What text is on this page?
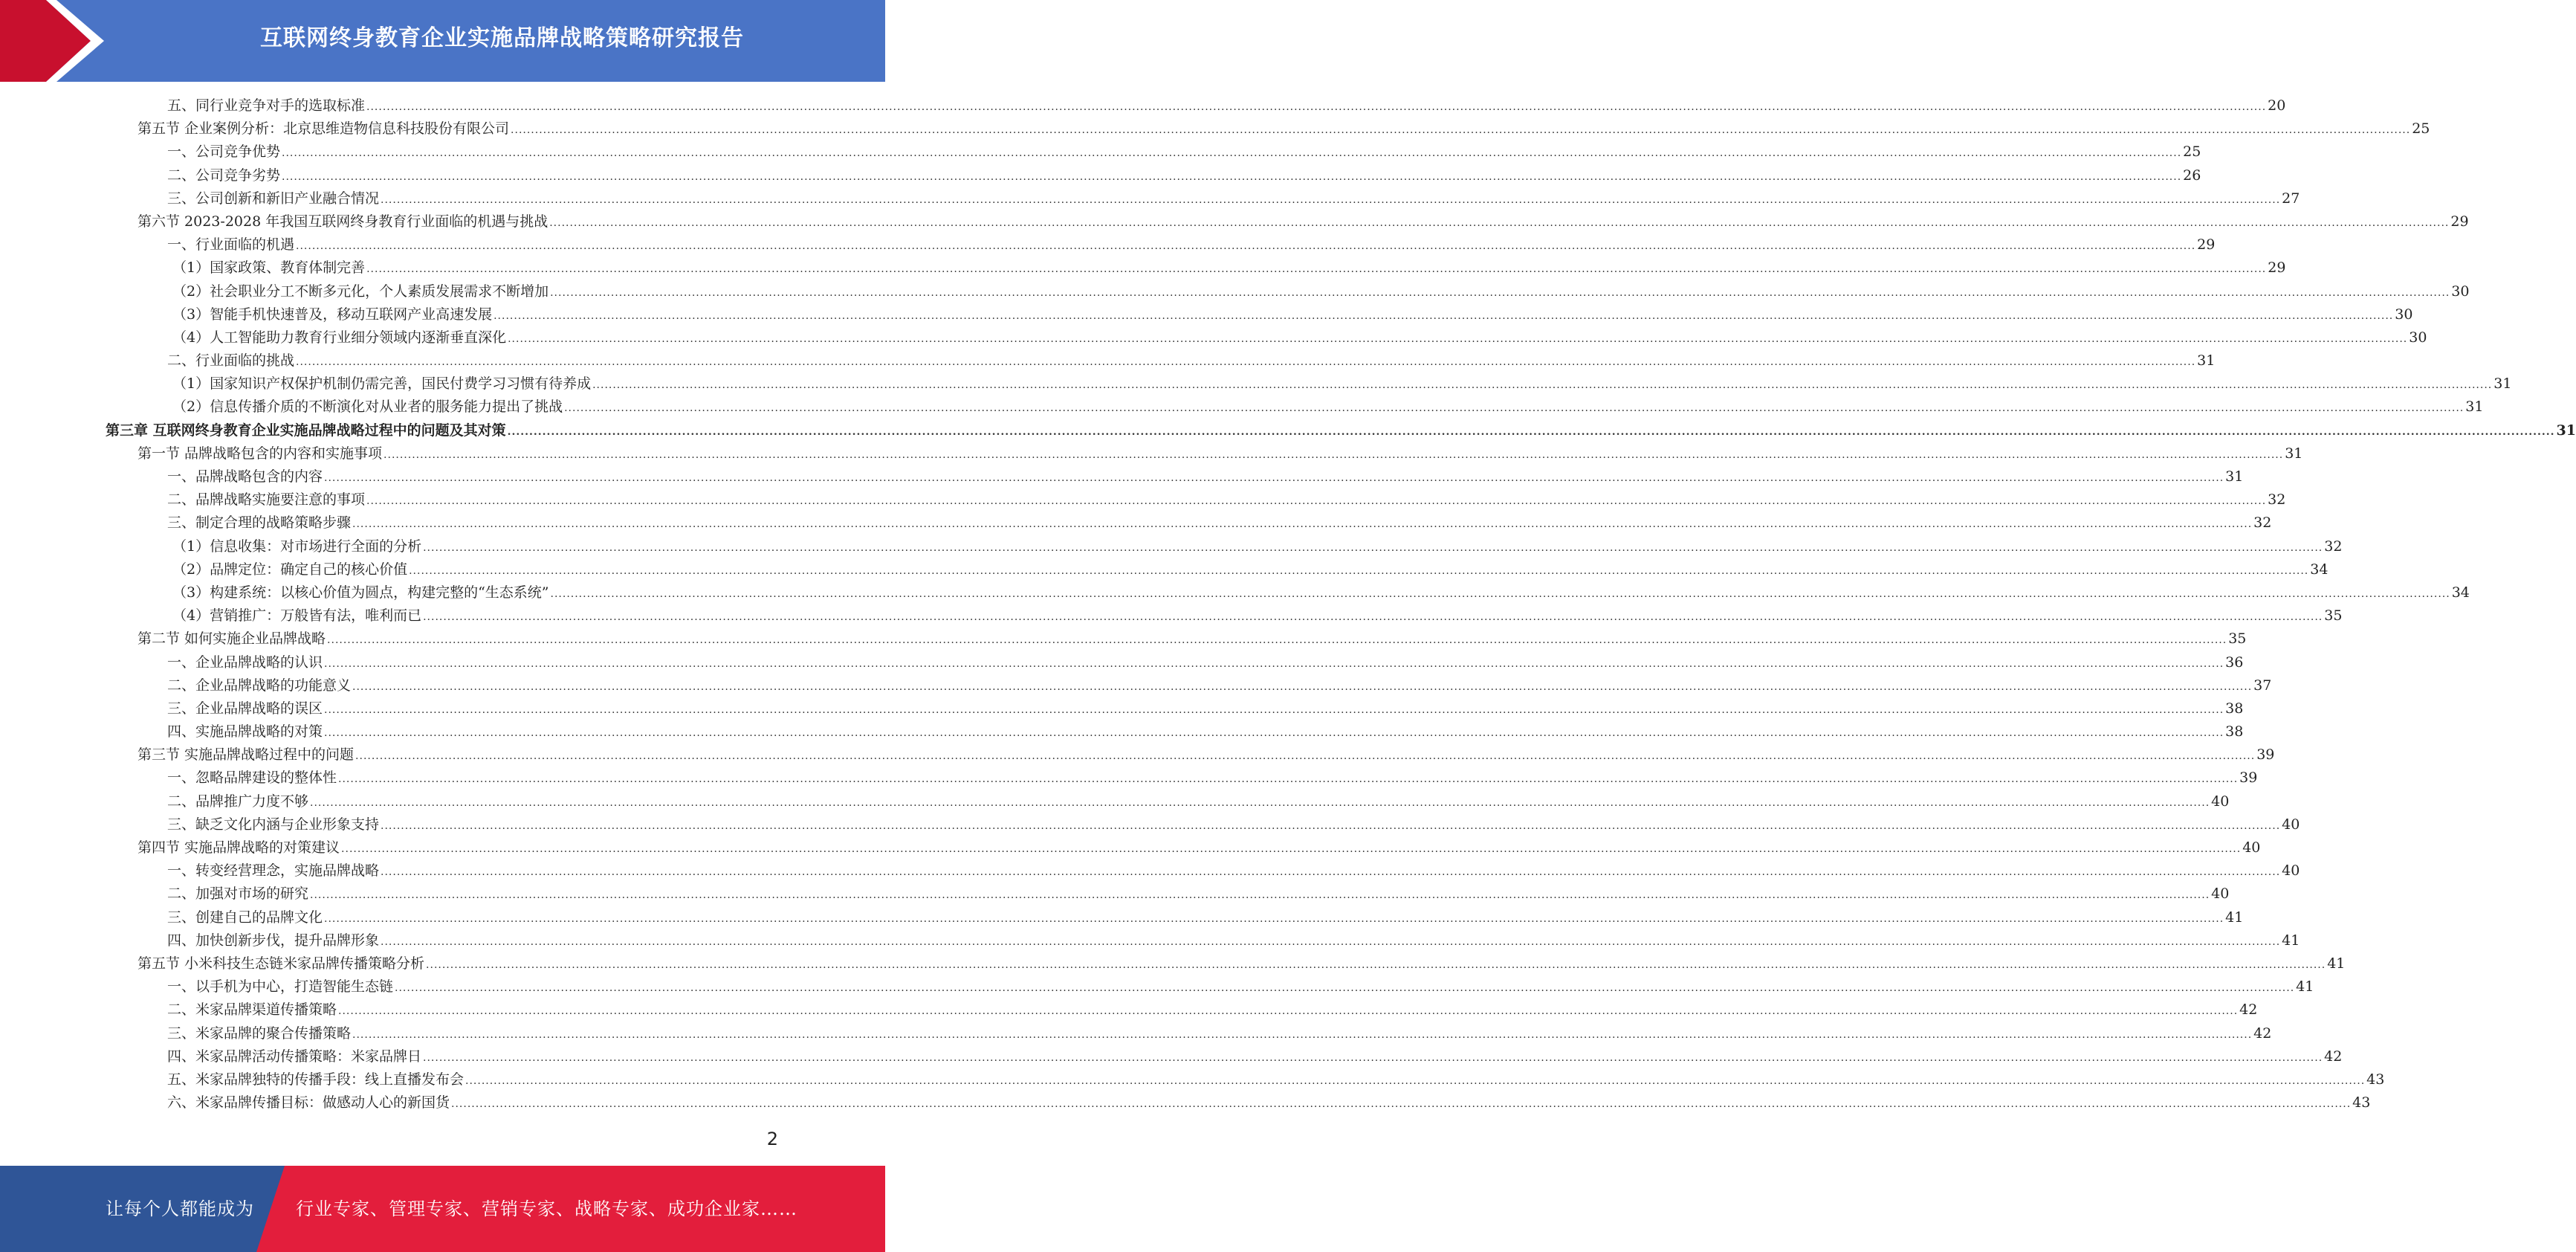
互联网终身教育企业实施品牌战略策略研究报告
五、同行业竞争对手的选取标准 .....	20
第五节 企业案例分析：北京思维造物信息科技股份有限公司 .....	25
一、公司竞争优势 .....	25
二、公司竞争劣势 .....	26
三、公司创新和新旧产业融合情况 .....	27
第六节 2023-2028 年我国互联网终身教育行业面临的机遇与挑战 .....	29
一、行业面临的机遇 .....	29
（1）国家政策、教育体制完善 .....	29
（2）社会职业分工不断多元化，个人素质发展需求不断增加 .....	30
（3）智能手机快速普及，移动互联网产业高速发展 .....	30
（4）人工智能助力教育行业细分领域内逐渐垂直深化 .....	30
二、行业面临的挑战 .....	31
（1）国家知识产权保护机制仍需完善，国民付费学习习惯有待养成 .....	31
（2）信息传播介质的不断演化对从业者的服务能力提出了挑战 .....	31
第三章 互联网终身教育企业实施品牌战略过程中的问题及其对策 .....	31
第一节 品牌战略包含的内容和实施事项 .....	31
一、品牌战略包含的内容 .....	31
二、品牌战略实施要注意的事项 .....	32
三、制定合理的战略策略步骤 .....	32
（1）信息收集：对市场进行全面的分析 .....	32
（2）品牌定位：确定自己的核心价值 .....	34
（3）构建系统：以核心价值为圆点，构建完整的“生态系统” .....	34
（4）营销推广：万般皆有法，唯利而已 .....	35
第二节 如何实施企业品牌战略 .....	35
一、企业品牌战略的认识 .....	36
二、企业品牌战略的功能意义 .....	37
三、企业品牌战略的误区 .....	38
四、实施品牌战略的对策 .....	38
第三节 实施品牌战略过程中的问题 .....	39
一、忽略品牌建设的整体性 .....	39
二、品牌推广力度不够 .....	40
三、缺乏文化内涵与企业形象支持 .....	40
第四节 实施品牌战略的对策建议 .....	40
一、转变经营理念，实施品牌战略 .....	40
二、加强对市场的研究 .....	40
三、创建自己的品牌文化 .....	41
四、加快创新步伐，提升品牌形象 .....	41
第五节 小米科技生态链米家品牌传播策略分析 .....	41
一、以手机为中心，打造智能生态链 .....	41
二、米家品牌渠道传播策略 .....	42
三、米家品牌的聚合传播策略 .....	42
四、米家品牌活动传播策略：米家品牌日 .....	42
五、米家品牌独特的传播手段：线上直播发布会 .....	43
六、米家品牌传播目标：做感动人心的新国货 .....	43
2
让每个人都能成为 行业专家、管理专家、营销专家、战略专家、成功企业家……
